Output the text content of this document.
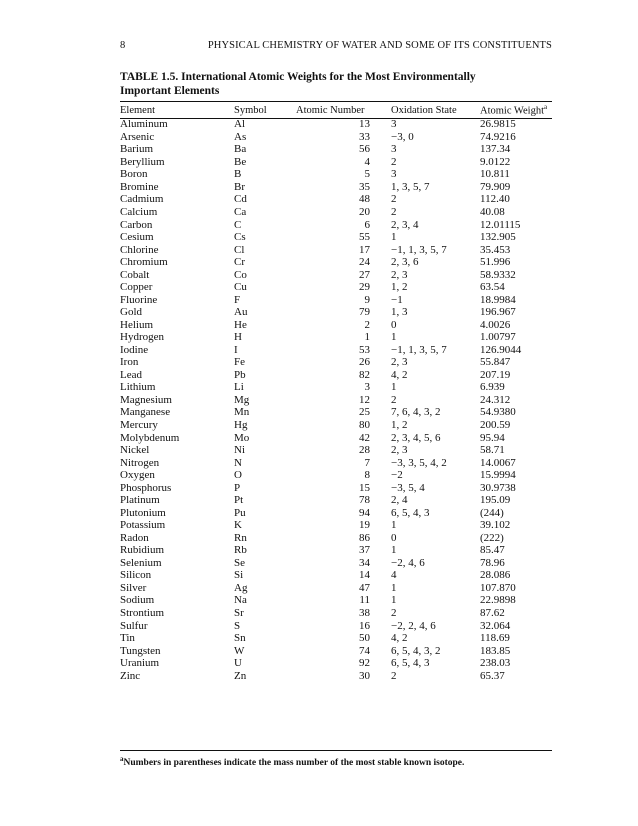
8	PHYSICAL CHEMISTRY OF WATER AND SOME OF ITS CONSTITUENTS
TABLE 1.5. International Atomic Weights for the Most Environmentally
Important Elements
Element	Symbol	Atomic Number	Oxidation State	Atomic Weight$^a$
Aluminum	Al	13	3	26.9815
Arsenic	As	33	−3, 0	74.9216
Barium	Ba	56	3	137.34
Beryllium	Be	4	2	9.0122
Boron	B	5	3	10.811
Bromine	Br	35	1, 3, 5, 7	79.909
Cadmium	Cd	48	2	112.40
Calcium	Ca	20	2	40.08
Carbon	C	6	2, 3, 4	12.01115
Cesium	Cs	55	1	132.905
Chlorine	Cl	17	−1, 1, 3, 5, 7	35.453
Chromium	Cr	24	2, 3, 6	51.996
Cobalt	Co	27	2, 3	58.9332
Copper	Cu	29	1, 2	63.54
Fluorine	F	9	−1	18.9984
Gold	Au	79	1, 3	196.967
Helium	He	2	0	4.0026
Hydrogen	H	1	1	1.00797
Iodine	I	53	−1, 1, 3, 5, 7	126.9044
Iron	Fe	26	2, 3	55.847
Lead	Pb	82	4, 2	207.19
Lithium	Li	3	1	6.939
Magnesium	Mg	12	2	24.312
Manganese	Mn	25	7, 6, 4, 3, 2	54.9380
Mercury	Hg	80	1, 2	200.59
Molybdenum	Mo	42	2, 3, 4, 5, 6	95.94
Nickel	Ni	28	2, 3	58.71
Nitrogen	N	7	−3, 3, 5, 4, 2	14.0067
Oxygen	O	8	−2	15.9994
Phosphorus	P	15	−3, 5, 4	30.9738
Platinum	Pt	78	2, 4	195.09
Plutonium	Pu	94	6, 5, 4, 3	(244)
Potassium	K	19	1	39.102
Radon	Rn	86	0	(222)
Rubidium	Rb	37	1	85.47
Selenium	Se	34	−2, 4, 6	78.96
Silicon	Si	14	4	28.086
Silver	Ag	47	1	107.870
Sodium	Na	11	1	22.9898
Strontium	Sr	38	2	87.62
Sulfur	S	16	−2, 2, 4, 6	32.064
Tin	Sn	50	4, 2	118.69
Tungsten	W	74	6, 5, 4, 3, 2	183.85
Uranium	U	92	6, 5, 4, 3	238.03
Zinc	Zn	30	2	65.37
$^a$Numbers in parentheses indicate the mass number of the most stable known isotope.
